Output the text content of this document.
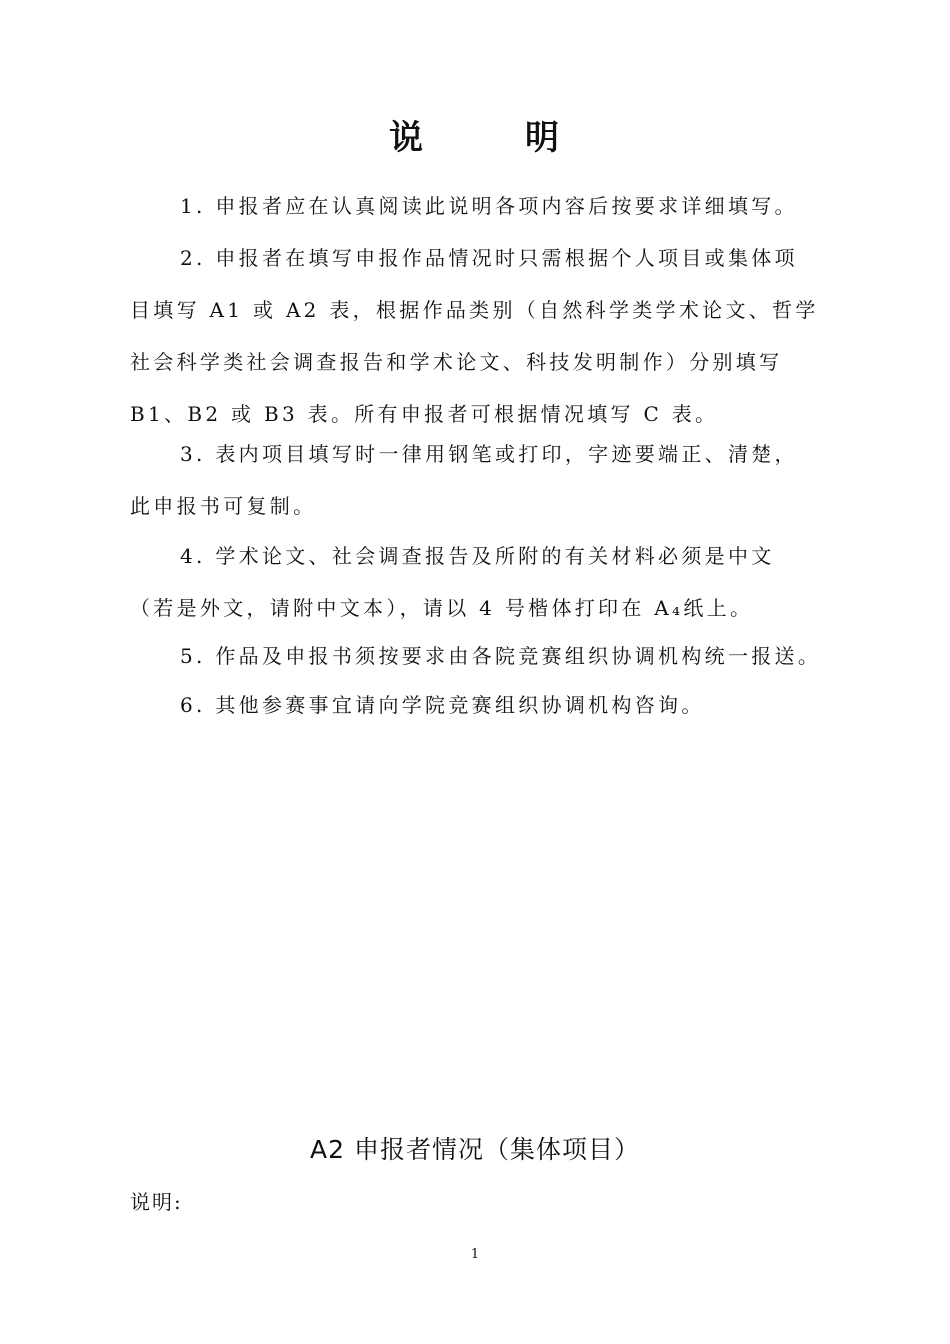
说	明
1. 申报者应在认真阅读此说明各项内容后按要求详细填写。
2. 申报者在填写申报作品情况时只需根据个人项目或集体项
目填写 A1 或 A2 表，根据作品类别（自然科学类学术论文、哲学
社会科学类社会调查报告和学术论文、科技发明制作）分别填写
B1、B2 或 B3 表。所有申报者可根据情况填写 C 表。
3. 表内项目填写时一律用钢笔或打印，字迹要端正、清楚，
此申报书可复制。
4. 学术论文、社会调查报告及所附的有关材料必须是中文
（若是外文，请附中文本），请以 4 号楷体打印在 A₄纸上。
5. 作品及申报书须按要求由各院竞赛组织协调机构统一报送。
6. 其他参赛事宜请向学院竞赛组织协调机构咨询。
A2 申报者情况（集体项目）
说明:
1
